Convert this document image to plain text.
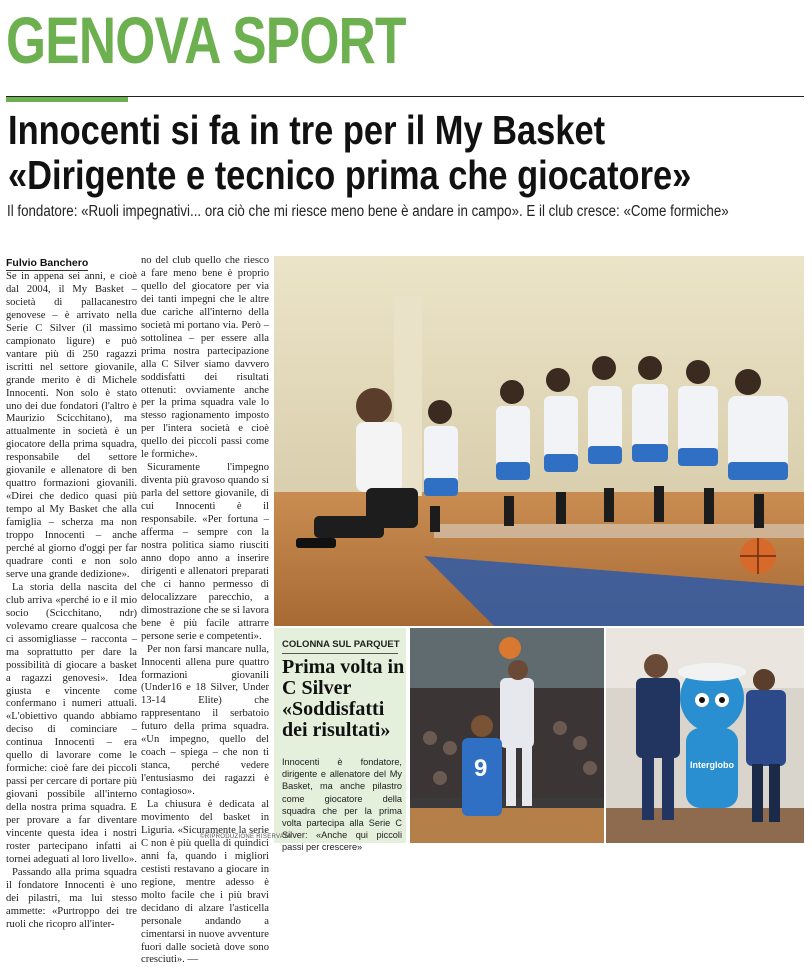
GENOVA SPORT
Innocenti si fa in tre per il My Basket
«Dirigente e tecnico prima che giocatore»
Il fondatore: «Ruoli impegnativi... ora ciò che mi riesce meno bene è andare in campo». E il club cresce: «Come formiche»
Fulvio Banchero

Se in appena sei anni, e cioè dal 2004, il My Basket – società di pallacanestro genovese – è arrivato nella Serie C Silver (il massimo campionato ligure) e può vantare più di 250 ragazzi iscritti nel settore giovanile, grande merito è di Michele Innocenti. Non solo è stato uno dei due fondatori (l'altro è Maurizio Scicchitano), ma attualmente in società è un giocatore della prima squadra, responsabile del settore giovanile e allenatore di ben quattro formazioni giovanili. «Direi che dedico quasi più tempo al My Basket che alla famiglia – scherza ma non troppo Innocenti – anche perché al giorno d'oggi per far quadrare conti e non solo serve una grande dedizione».

La storia della nascita del club arriva «perché io e il mio socio (Scicchitano, ndr) volevamo creare qualcosa che ci assomigliasse – racconta – ma soprattutto per dare la possibilità di giocare a basket a ragazzi genovesi». Idea giusta e vincente come confermano i numeri attuali. «L'obiettivo quando abbiamo deciso di cominciare – continua Innocenti – era quello di lavorare come le formiche: cioè fare dei piccoli passi per cercare di portare più giovani possibile all'interno della nostra prima squadra. E per provare a far diventare vincente questa idea i nostri roster partecipano infatti ai tornei adeguati al loro livello».

Passando alla prima squadra il fondatore Innocenti è uno dei pilastri, ma lui stesso ammette: «Purtroppo dei tre ruoli che ricopro all'inter-

no del club quello che riesco a fare meno bene è proprio quello del giocatore per via dei tanti impegni che le altre due cariche all'interno della società mi portano via. Però – sottolinea – per essere alla prima nostra partecipazione alla C Silver siamo davvero soddisfatti dei risultati ottenuti: ovviamente anche per la prima squadra vale lo stesso ragionamento imposto per l'intera società e cioè quello dei piccoli passi come le formiche».

Sicuramente l'impegno diventa più gravoso quando si parla del settore giovanile, di cui Innocenti è il responsabile. «Per fortuna – afferma – sempre con la nostra politica siamo riusciti anno dopo anno a inserire dirigenti e allenatori preparati che ci hanno permesso di delocalizzare parecchio, a dimostrazione che se si lavora bene è più facile attrarre persone serie e competenti».

Per non farsi mancare nulla, Innocenti allena pure quattro formazioni giovanili (Under16 e 18 Silver, Under 13-14 Elite) che rappresentano il serbatoio futuro della prima squadra. «Un impegno, quello del coach – spiega – che non ti stanca, perché vedere l'entusiasmo dei ragazzi è contagioso».

La chiusura è dedicata al movimento del basket in Liguria. «Sicuramente la serie C non è più quella di quindici anni fa, quando i migliori cestisti restavano a giocare in regione, mentre adesso è molto facile che i più bravi decidano di alzare l'asticella personale andando a cimentarsi in nuove avventure fuori dalle società dove sono cresciuti». —

COLONNA SUL PARQUET
Prima volta in C Silver «Soddisfatti dei risultati»
Innocenti è fondatore, dirigente e allenatore del My Basket, ma anche pilastro come giocatore della squadra che per la prima volta partecipa alla Serie C Silver: «Anche qui piccoli passi per crescere»
9	Interglobo
©RIPRODUZIONE RISERVATA
